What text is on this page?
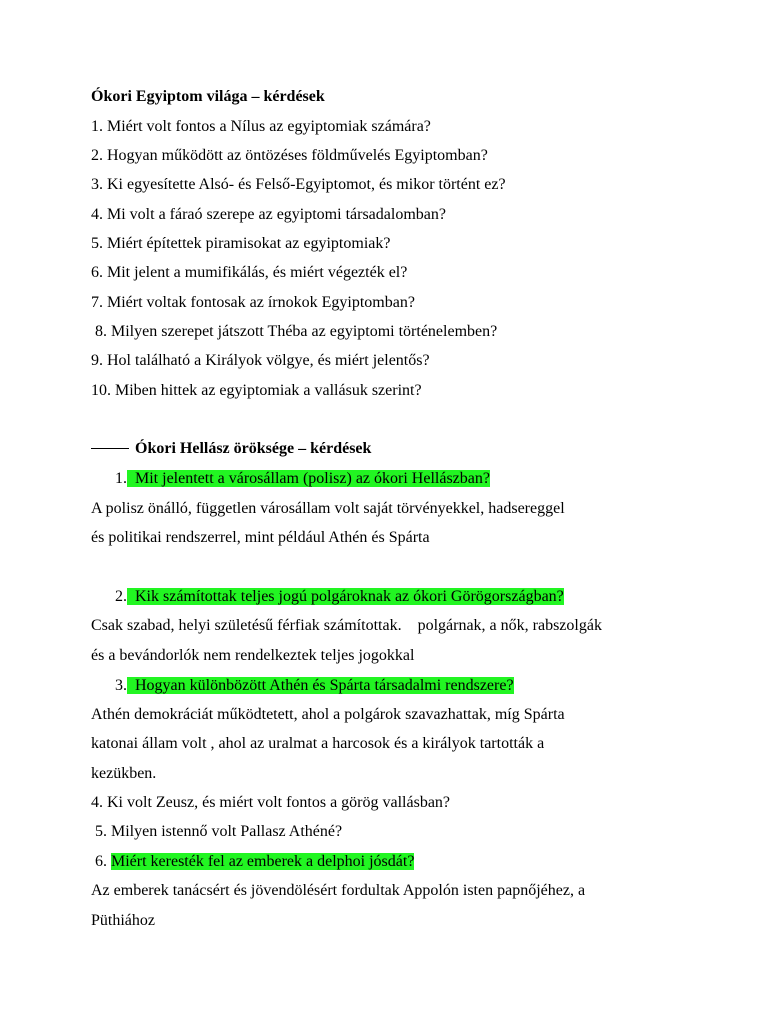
Ókori Egyiptom világa – kérdések
1. Miért volt fontos a Nílus az egyiptomiak számára?
2. Hogyan működött az öntözéses földművelés Egyiptomban?
3. Ki egyesítette Alsó- és Felső-Egyiptomot, és mikor történt ez?
4. Mi volt a fáraó szerepe az egyiptomi társadalomban?
5. Miért építettek piramisokat az egyiptomiak?
6. Mit jelent a mumifikálás, és miért végezték el?
7. Miért voltak fontosak az írnokok Egyiptomban?
8. Milyen szerepet játszott Théba az egyiptomi történelemben?
9. Hol található a Királyok völgye, és miért jelentős?
10. Miben hittek az egyiptomiak a vallásuk szerint?
Ókori Hellász öröksége – kérdések
1.  Mit jelentett a városállam (polisz) az ókori Hellászban?
A polisz önálló, független városállam volt saját törvényekkel, hadsereggel
és politikai rendszerrel, mint például Athén és Spárta
2.  Kik számítottak teljes jogú polgároknak az ókori Görögországban?
Csak szabad, helyi születésű férfiak számítottak.    polgárnak, a nők, rabszolgák
és a bevándorlók nem rendelkeztek teljes jogokkal
3.  Hogyan különbözött Athén és Spárta társadalmi rendszere?
Athén demokráciát működtetett, ahol a polgárok szavazhattak, míg Spárta
katonai állam volt , ahol az uralmat a harcosok és a királyok tartották a
kezükben.
4. Ki volt Zeusz, és miért volt fontos a görög vallásban?
5. Milyen istennő volt Pallasz Athéné?
6. Miért keresték fel az emberek a delphoi jósdát?
Az emberek tanácsért és jövendölésért fordultak Appolón isten papnőjéhez, a
Püthiához
